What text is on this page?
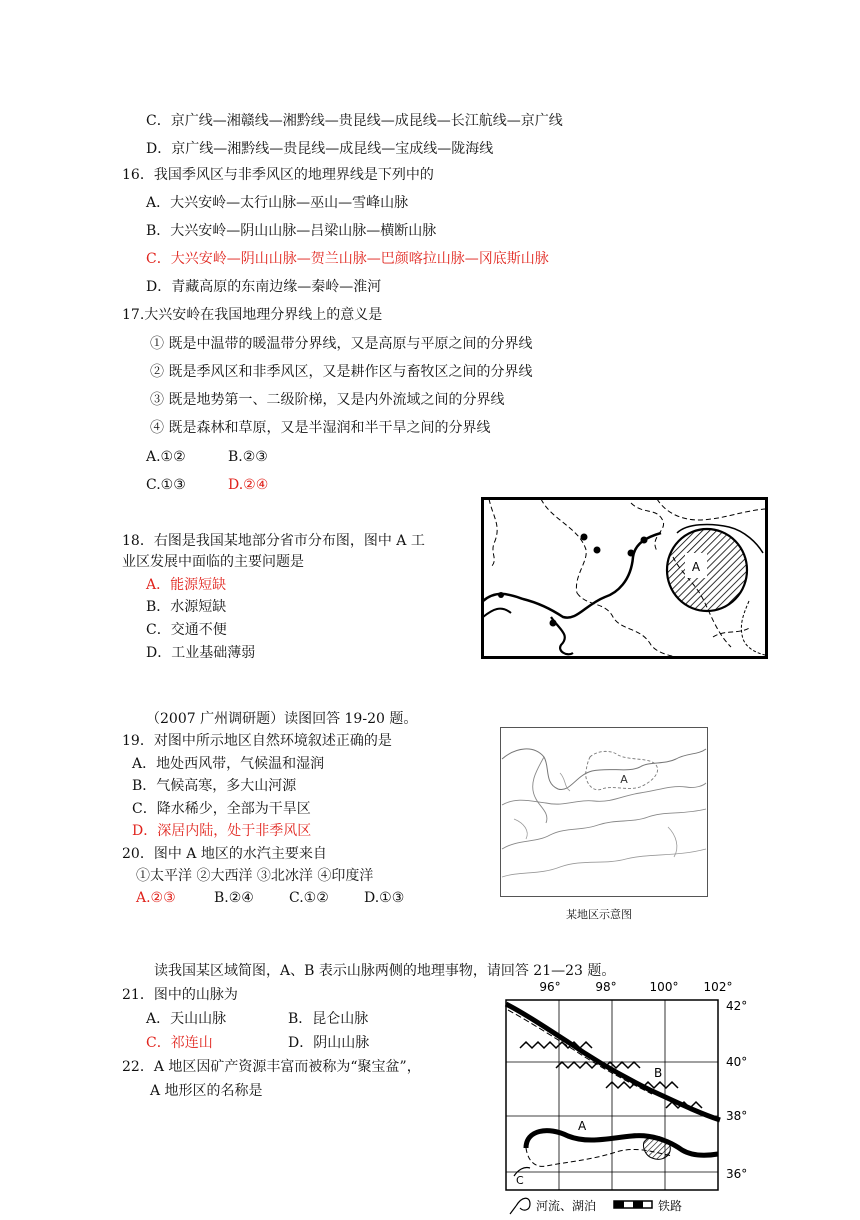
C．京广线—湘赣线—湘黔线—贵昆线—成昆线—长江航线—京广线
D．京广线—湘黔线—贵昆线—成昆线—宝成线—陇海线
16．我国季风区与非季风区的地理界线是下列中的
A．大兴安岭—太行山脉—巫山—雪峰山脉
B．大兴安岭—阴山山脉—吕梁山脉—横断山脉
C．大兴安岭—阴山山脉—贺兰山脉—巴颜喀拉山脉—冈底斯山脉
D．青藏高原的东南边缘—秦岭—淮河
17.大兴安岭在我国地理分界线上的意义是
① 既是中温带的暖温带分界线，又是高原与平原之间的分界线
② 既是季风区和非季风区，又是耕作区与畜牧区之间的分界线
③ 既是地势第一、二级阶梯，又是内外流域之间的分界线
④ 既是森林和草原，又是半湿润和半干旱之间的分界线
A.①②	B.②③
C.①③	D.②④
18．右图是我国某地部分省市分布图，图中 A 工
业区发展中面临的主要问题是
A．能源短缺
B．水源短缺
C．交通不便
D．工业基础薄弱
A
（2007 广州调研题）读图回答 19-20 题。
19．对图中所示地区自然环境叙述正确的是
A．地处西风带，气候温和湿润
B．气候高寒，多大山河源
C．降水稀少，全部为干旱区
D．深居内陆，处于非季风区
20．图中 A 地区的水汽主要来自
①太平洋 ②大西洋 ③北冰洋 ④印度洋
A.②③	B.②④	C.①②	D.①③
A
某地区示意图
读我国某区域简图，A、B 表示山脉两侧的地理事物，请回答 21—23 题。
21．图中的山脉为
A．天山山脉	B．昆仑山脉
C．祁连山	D．阴山山脉
22．A 地区因矿产资源丰富而被称为“聚宝盆”，
A 地形区的名称是
96°	98°	100° 102°
42°
40°
38°
36°
B
A
C
河流、湖泊	铁路
